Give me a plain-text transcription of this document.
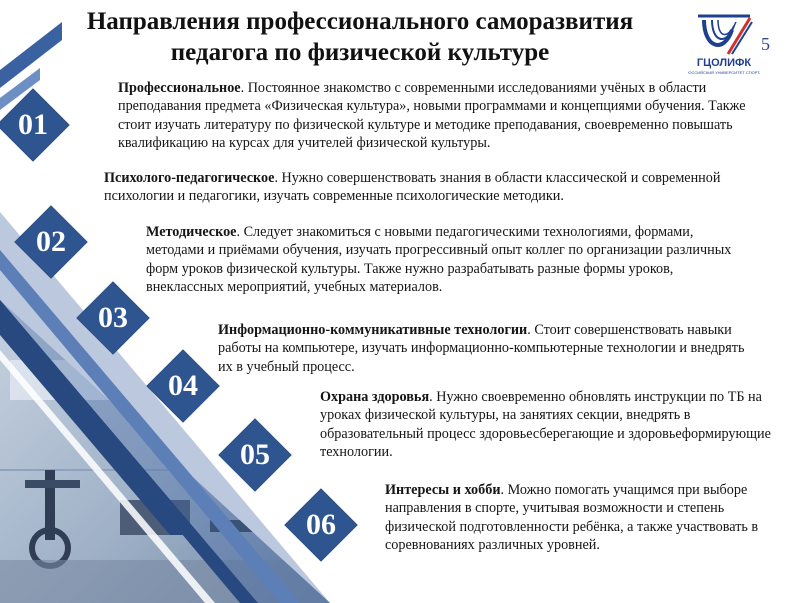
Направления профессионального саморазвития
педагога по физической культуре	ГЦОЛИФК
РОССИЙСКИЙ УНИВЕРСИТЕТ СПОРТА
5
01
02
03
04
05
06
Профессиональное. Постоянное знакомство с современными исследованиями учёных в области преподавания предмета «Физическая культура», новыми программами и концепциями обучения. Также стоит изучать литературу по физической культуре и методике преподавания, своевременно повышать квалификацию на курсах для учителей физической культуры.
Психолого-педагогическое. Нужно совершенствовать знания в области классической и современной психологии и педагогики, изучать современные психологические методики.
Методическое. Следует знакомиться с новыми педагогическими технологиями, формами, методами и приёмами обучения, изучать прогрессивный опыт коллег по организации различных форм уроков физической культуры. Также нужно разрабатывать разные формы уроков, внеклассных мероприятий, учебных материалов.
Информационно-коммуникативные технологии. Стоит совершенствовать навыки работы на компьютере, изучать информационно-компьютерные технологии и внедрять их в учебный процесс.
Охрана здоровья. Нужно своевременно обновлять инструкции по ТБ на уроках физической культуры, на занятиях секции, внедрять в образовательный процесс здоровьесберегающие и здоровьеформирующие технологии.
Интересы и хобби. Можно помогать учащимся при выборе направления в спорте, учитывая возможности и степень физической подготовленности ребёнка, а также участвовать в соревнованиях различных уровней.
